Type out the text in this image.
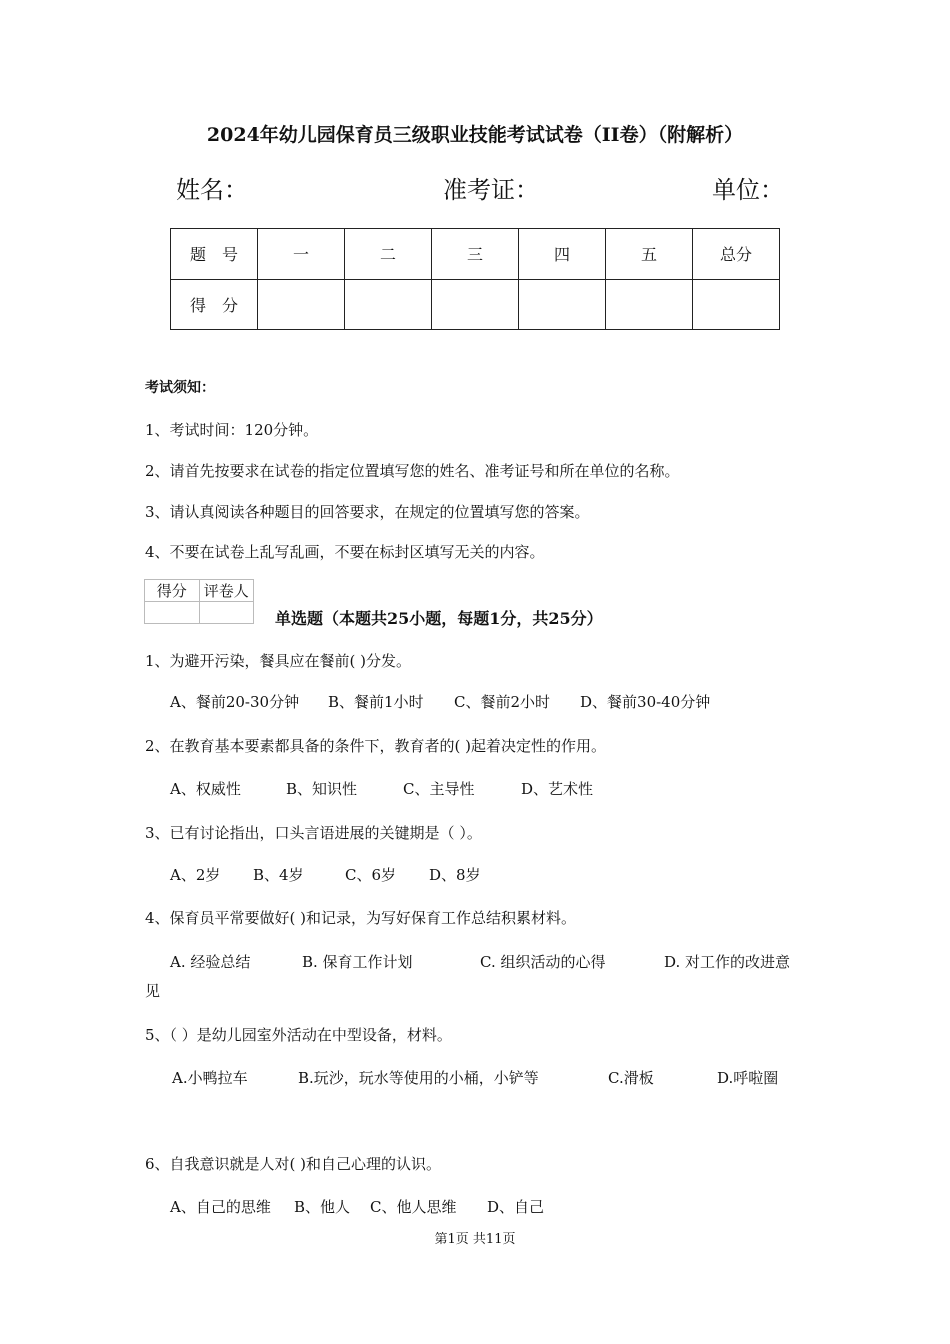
2024年幼儿园保育员三级职业技能考试试卷（II卷）（附解析）
姓名：	准考证：	单位：
题　号	一	二	三	四	五	总分
得　分						
考试须知：
1、考试时间：120分钟。
2、请首先按要求在试卷的指定位置填写您的姓名、准考证号和所在单位的名称。
3、请认真阅读各种题目的回答要求，在规定的位置填写您的答案。
4、不要在试卷上乱写乱画，不要在标封区填写无关的内容。
得分	评卷人

单选题（本题共25小题，每题1分，共25分）
1、为避开污染，餐具应在餐前( )分发。
A、餐前20-30分钟 B、餐前1小时 C、餐前2小时 D、餐前30-40分钟
2、在教育基本要素都具备的条件下，教育者的( )起着决定性的作用。
A、权威性	B、知识性	C、主导性	D、艺术性
3、已有讨论指出，口头言语进展的关键期是（ ）。
A、2岁 B、4岁	C、6岁 D、8岁
4、保育员平常要做好( )和记录，为写好保育工作总结积累材料。
A. 经验总结	B. 保育工作计划	C. 组织活动的心得	D. 对工作的改进意
见
5、（ ）是幼儿园室外活动在中型设备，材料。
A.小鸭拉车	B.玩沙，玩水等使用的小桶，小铲等	C.滑板	D.呼啦圈
6、自我意识就是人对( )和自己心理的认识。
A、自己的思维 B、他人 C、他人思维 D、自己
第1页 共11页
